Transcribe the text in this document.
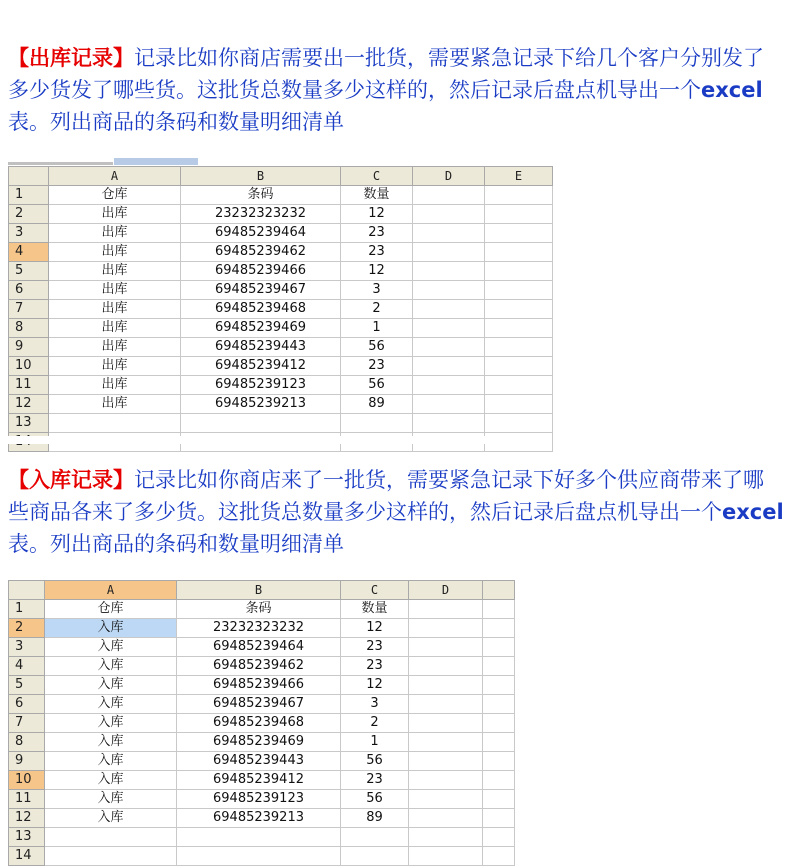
【出库记录】记录比如你商店需要出一批货，需要紧急记录下给几个客户分别发了多少货发了哪些货。这批货总数量多少这样的，然后记录后盘点机导出一个excel表。列出商品的条码和数量明细清单

	A	B	C	D	E
1	仓库	条码	数量		
2	出库	23232323232	12		
3	出库	69485239464	23		
4	出库	69485239462	23		
5	出库	69485239466	12		
6	出库	69485239467	3		
7	出库	69485239468	2		
8	出库	69485239469	1		
9	出库	69485239443	56		
10	出库	69485239412	23		
11	出库	69485239123	56		
12	出库	69485239213	89		
13					

【入库记录】记录比如你商店来了一批货，需要紧急记录下好多个供应商带来了哪些商品各来了多少货。这批货总数量多少这样的，然后记录后盘点机导出一个excel表。列出商品的条码和数量明细清单

	A	B	C	D	
1	仓库	条码	数量		
2	入库	23232323232	12		
3	入库	69485239464	23		
4	入库	69485239462	23		
5	入库	69485239466	12		
6	入库	69485239467	3		
7	入库	69485239468	2		
8	入库	69485239469	1		
9	入库	69485239443	56		
10	入库	69485239412	23		
11	入库	69485239123	56		
12	入库	69485239213	89		
13					
14					
